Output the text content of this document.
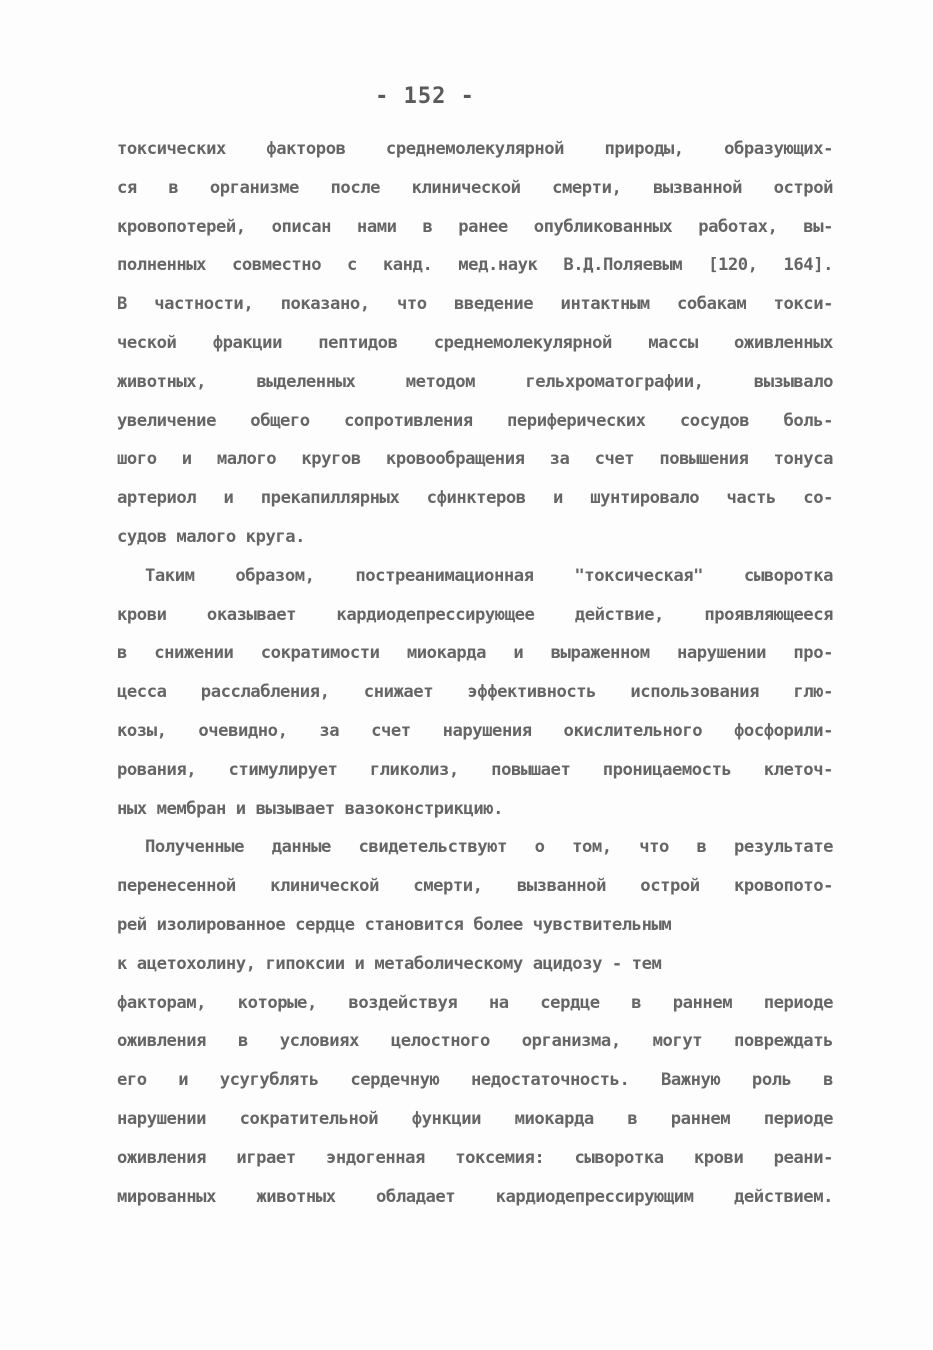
- 152 -
токсических факторов среднемолекулярной природы, образующих-
ся в организме после клинической смерти, вызванной острой
кровопотерей, описан нами в ранее опубликованных работах, вы-
полненных совместно с канд. мед.наук В.Д.Поляевым [120, 164].
В частности, показано, что введение интактным собакам токси-
ческой фракции пептидов среднемолекулярной массы оживленных
животных, выделенных методом гельхроматографии, вызывало
увеличение общего сопротивления периферических сосудов боль-
шого и малого кругов кровообращения за счет повышения тонуса
артериол и прекапиллярных сфинктеров и шунтировало часть со-
судов малого круга.
Таким образом, постреанимационная "токсическая" сыворотка
крови оказывает кардиодепрессирующее действие, проявляющееся
в снижении сократимости миокарда и выраженном нарушении про-
цесса расслабления, снижает эффективность использования глю-
козы, очевидно, за счет нарушения окислительного фосфорили-
рования, стимулирует гликолиз, повышает проницаемость клеточ-
ных мембран и вызывает вазоконстрикцию.
Полученные данные свидетельствуют о том, что в результате
перенесенной клинической смерти, вызванной острой кровопото-
рей изолированное сердце становится более чувствительным
к ацетохолину, гипоксии и метаболическому ацидозу - тем
факторам, которые, воздействуя на сердце в раннем периоде
оживления в условиях целостного организма, могут повреждать
его и усугублять сердечную недостаточность. Важную роль в
нарушении сократительной функции миокарда в раннем периоде
оживления играет эндогенная токсемия: сыворотка крови реани-
мированных животных обладает кардиодепрессирующим действием.
